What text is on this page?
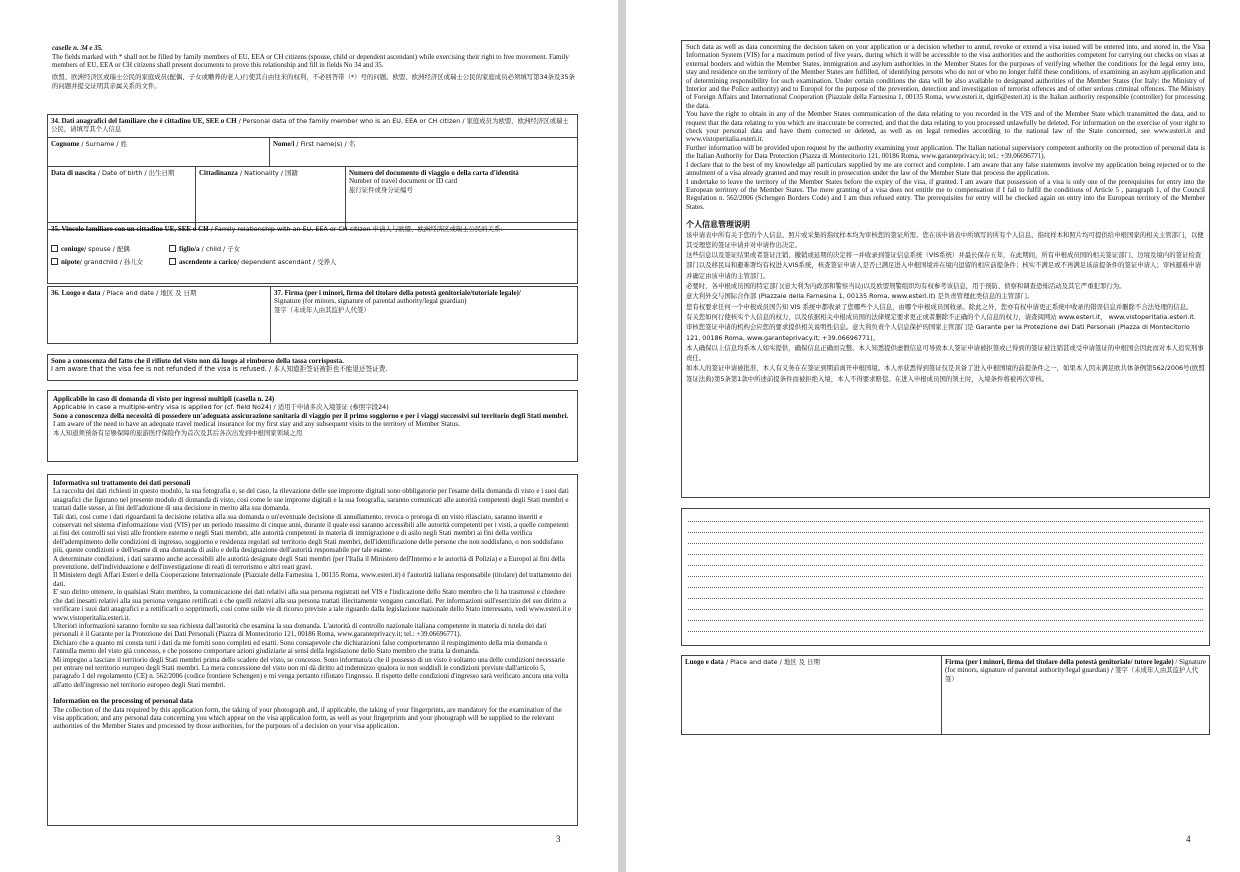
caselle n. 34 e 35.

The fields marked with * shall not be filled by family members of EU, EEA or CH citizens (spouse, child or dependent ascendant) while exercising their right to free movement. Family members of EU, EEA or CH citizens shall present documents to prove this relationship and fill in fields No 34 and 35.

欧盟、欧洲经济区或瑞士公民的家庭成员(配偶、子女或赡养的老人)行使其自由往来的权利，不必回答带（*）号的问题。欧盟、欧洲经济区或瑞士公民的家庭成员必须填写第34条及35条的问题并提交证明其亲属关系的文件。

34. Dati anagrafici del familiare che è cittadino UE, SEE o CH / Personal data of the family member who is an EU, EEA or CH citizen / 家庭成员为欧盟、欧洲经济区或瑞士公民，请填写其个人信息
Cognome / Surname / 姓	Nome/i / First name(s) / 名
Data di nascita / Date of birth / 出生日期	Cittadinanza / Nationality / 国籍	Numero del documento di viaggio o della carta d'identità

Number of travel document or ID card

旅行证件或身分证编号

35. Vincolo familiare con un cittadino UE, SEE o CH / Family relationship with an EU, EEA or CH citizen 申请人与欧盟、欧洲经济区或瑞士公民的关系:

coniuge/ spouse / 配偶	figlio/a / child / 子女
nipote/ grandchild / 孙儿女	ascendente a carico/ dependent ascendant / 受养人
36. Luogo e data / Place and date / 地区 及 日期	37. Firma (per i minori, firma del titolare della potestà genitoriale/tutoriale legale)/

Signature (for minors, signature of parental authority/legal guardian)

签字（未成年人由其监护人代签）

Sono a conoscenza del fatto che il rifiuto del visto non dà luogo al rimborso della tassa corrisposta.

I am aware that the visa fee is not refunded if the visa is refused. / 本人知道拒签证被拒也不能退还签证费.

Applicabile in caso di domanda di visto per ingressi multipli (casella n. 24)

Applicable in case a multiple-entry visa is applied for (cf. field No24) / 适用于申请多次入境签证 (参照字段24)

Sono a conoscenza della necessità di possedere un'adeguata assicurazione sanitaria di viaggio per il primo soggiorno e per i viaggi successivi sul territorio degli Stati membri.

I am aware of the need to have an adequate travel medical insurance for my first stay and any subsequent visits to the territory of Member Status.

本人知道须预备有足够保障的旅游医疗保险作为首次及其后各次出发到中根国家领域之用

Informativa sul trattamento dei dati personali

La raccolta dei dati richiesti in questo modulo, la sua fotografia e, se del caso, la rilevazione delle sue impronte digitali sono obbligatorie per l'esame della domanda di visto e i suoi dati anagrafici che figurano nel presente modulo di domanda di visto, così come le sue impronte digitali e la sua fotografia, saranno comunicati alle autorità competenti degli Stati membri e trattati dalle stesse, ai fini dell'adozione di una decisione in merito alla sua domanda.

Tali dati, così come i dati riguardanti la decisione relativa alla sua domanda o un'eventuale decisione di annullamento, revoca o proroga di un visto rilasciato, saranno inseriti e conservati nel sistema d'informazione visti (VIS) per un periodo massimo di cinque anni, durante il quale essi saranno accessibili alle autorità competenti per i visti, a quelle competenti ai fini dei controlli sui visti alle frontiere esterne e negli Stati membri, alle autorità competenti in materia di immigrazione e di asilo negli Stati membri ai fini della verifica dell'adempimento delle condizioni di ingresso, soggiorno e residenza regolari sul territorio degli Stati membri, dell'identificazione delle persone che non soddisfano, o non soddisfano più, queste condizioni e dell'esame di una domanda di asilo e della designazione dell'autorità responsabile per tale esame.

A determinate condizioni, i dati saranno anche accessibili alle autorità designate degli Stati membri (per l'Italia il Ministero dell'Interno e le autorità di Polizia) e a Europol ai fini della prevenzione, dell'individuazione e dell'investigazione di reati di terrorismo e altri reati gravi.

Il Ministero degli Affari Esteri e della Cooperazione Internazionale (Piazzale della Farnesina 1, 00135 Roma, www.esteri.it) è l'autorità italiana responsabile (titolare) del trattamento dei dati.

E' suo diritto ottenere, in qualsiasi Stato membro, la comunicazione dei dati relativi alla sua persona registrati nel VIS e l'indicazione dello Stato membro che li ha trasmessi e chiedere che dati inesatti relativi alla sua persona vengano rettificati e che quelli relativi alla sua persona trattati illecitamente vengano cancellati. Per informazioni sull'esercizio del suo diritto a verificare i suoi dati anagrafici e a rettificarli o sopprimerli, così come sulle vie di ricorso previste a tale riguardo dalla legislazione nazionale dello Stato interessato, vedi www.esteri.it e www.vistoperitalia.esteri.it.

Ulteriori informazioni saranno fornite su sua richiesta dall'autorità che esamina la sua domanda. L'autorità di controllo nazionale italiana competente in materia di tutela dei dati personali è il Garante per la Protezione dei Dati Personali (Piazza di Montecitorio 121, 00186 Roma, www.garanteprivacy.it; tel.: +39.06696771).

Dichiaro che a quanto mi consta tutti i dati da me forniti sono completi ed esatti. Sono consapevole che dichiarazioni false comporteranno il respingimento della mia domanda o l'annulla mento del visto già concesso, e che possono comportare azioni giudiziarie ai sensi della legislazione dello Stato membro che tratta la domanda.

Mi impegno a lasciare il territorio degli Stati membri prima dello scadere del visto, se concesso. Sono informato/a che il possesso di un visto è soltanto una delle condizioni necessarie per entrare nel territorio europeo degli Stati membri. La mera concessione del visto non mi dà diritto ad indennizzo qualora io non soddisfi le condizioni previste dall'articolo 5, paragrafo 1 del regolamento (CE) n. 562/2006 (codice frontiere Schengen) e mi venga pertanto rifiutato l'ingresso. Il rispetto delle condizioni d'ingresso sarà verificato ancora una volta all'atto dell'ingresso nel territorio europeo degli Stati membri.

Information on the processing of personal data

The collection of the data required by this application form, the taking of your photograph and, if applicable, the taking of your fingerprints, are mandatory for the examination of the visa application; and any personal data concerning you which appear on the visa application form, as well as your fingerprints and your photograph will be supplied to the relevant authorities of the Member States and processed by those authorities, for the purposes of a decision on your visa application.

3

Such data as well as data concerning the decision taken on your application or a decision whether to annul, revoke or extend a visa issued will be entered into, and stored in, the Visa Information System (VIS) for a maximum period of five years, during which it will be accessible to the visa authorities and the authorities competent for carrying out checks on visas at external borders and within the Member States, immigration and asylum authorities in the Member States for the purposes of verifying whether the conditions for the legal entry into, stay and residence on the territory of the Member States are fulfilled, of identifying persons who do not or who no longer fulfil these conditions, of examining an asylum application and of determining responsibility for such examination. Under certain conditions the data will be also available to designated authorities of the Member States (for Italy: the Ministry of Interior and the Police authority) and to Europol for the purpose of the prevention, detection and investigation of terrorist offences and of other serious criminal offences. The Ministry of Foreign Affairs and International Cooperation (Piazzale della Farnesina 1, 00135 Roma, www.esteri.it, dgit6@esteri.it) is the Italian authority responsible (controller) for processing the data.

You have the right to obtain in any of the Member States communication of the data relating to you recorded in the VIS and of the Member State which transmitted the data, and to request that the data relating to you which are inaccurate be corrected, and that the data relating to you processed unlawfully be deleted. For information on the exercise of your right to check your personal data and have them corrected or deleted, as well as on legal remedies according to the national law of the State concerned, see www.esteri.it and www.vistoperitalia.esteri.it.

Further information will be provided upon request by the authority examining your application. The Italian national supervisory competent authority on the protection of personal data is the Italian Authority for Data Protection (Piazza di Montecitorio 121, 00186 Roma, www.garanteprivacy.it; tel.: +39.06696771).

I declare that to the best of my knowledge all particulars supplied by me are correct and complete. I am aware that any false statements involve my application being rejected or to the annulment of a visa already granted and may result in prosecution under the law of the Member State that process the application.

I undertake to leave the territory of the Member States before the expiry of the visa, if granted. I am aware that possession of a visa is only one of the prerequisites for entry into the European territory of the Member States. The mere granting of a visa does not entitle me to compensation if I fail to fulfil the conditions of Article 5 , paragraph 1, of the Council Regulation n. 562/2006 (Schengen Borders Code) and I am thus refused entry. The prerequisites for entry will be checked again on entry into the European territory of the Member States.

个人信息管理说明

该申请表中所有关于您的个人信息、照片或采集的指纹样本均为审核您的签证所需。您在该申请表中所填写的所有个人信息、指纹样本和照片均可提供给申根国家的相关主管部门，以便其受理您的签证申请并对申请作出决定。

这些信息以及签证结果或者签证注销、撤销或延期的决定将一并收录到签证信息系统（VIS系统）并最长保存五年，在此期间，所有申根成员国的相关签证部门、边境及境内的签证检查部门以及移民局和避难署均有权进入VIS系统，核查签证申请人是否已满足进入申根国境并在境内逗留的相应前提条件；核实不满足或不再满足该前提条件的签证申请人；审核避难申请并确定由该申请的主管部门。

必要时，各申根成员国的特定部门(意大利为内政部和警察当局)以及欧盟刑警组织均有权参考该信息，用于预防、侦察和调查恐怖活动及其它严重犯罪行为。

意大利外交与国际合作部 (Piazzale della Farnesina 1, 00135 Roma, www.esteri.it) 是负责管理此类信息的主管部门。

您有权要求任何一个申根成员国告知 VIS 系统中都收录了您哪些个人信息，由哪个申根成员国收录。除此之外，您亦有权申请更正系统中收录的错误信息并删除不合法处理的信息。

有关您如何行使核实个人信息的权力，以及依据相关申根成员国的法律规定要求更正或者删除不正确的个人信息的权力，请查阅网站 www.esteri.it， www.vistoperitalia.esteri.it.

审核您签证申请的机构会应您的要求提供相关说明性信息。意大利负责个人信息保护的国家主管部门是 Garante per la Protezione dei Dati Personali (Piazza di Montecitorio 121, 00186 Roma, www.garanteprivacy.it; +39.06696771)。

本人确保以上信息均系本人如实提供，确保信息正确而完整。本人知悉提供虚假信息可导致本人签证申请被拒签或已得到的签证被注销甚或受申请签证的申根国会因此而对本人追究刑事责任。

如本人的签证申请被批准，本人有义务在在签证到期前离开申根国境。本人亦获悉得到签证仅是具备了进入申根国境的前提条件之一，如果本人因未满足欧共体条例第562/2006号(欧盟签证法典)第5条第1款中所述前提条件而被拒绝入境，本人不得要求赔偿。在进入申根成员国的领土时，入境条件将被再次审核。

Luogo e data / Place and date / 地区 及 日期	Firma (per i minori, firma del titolare della potestà genitoriale/ tutore legale) / Signature (for minors, signature of parental authority/legal guardian) / 签字（未成年人由其监护人代签）
4
